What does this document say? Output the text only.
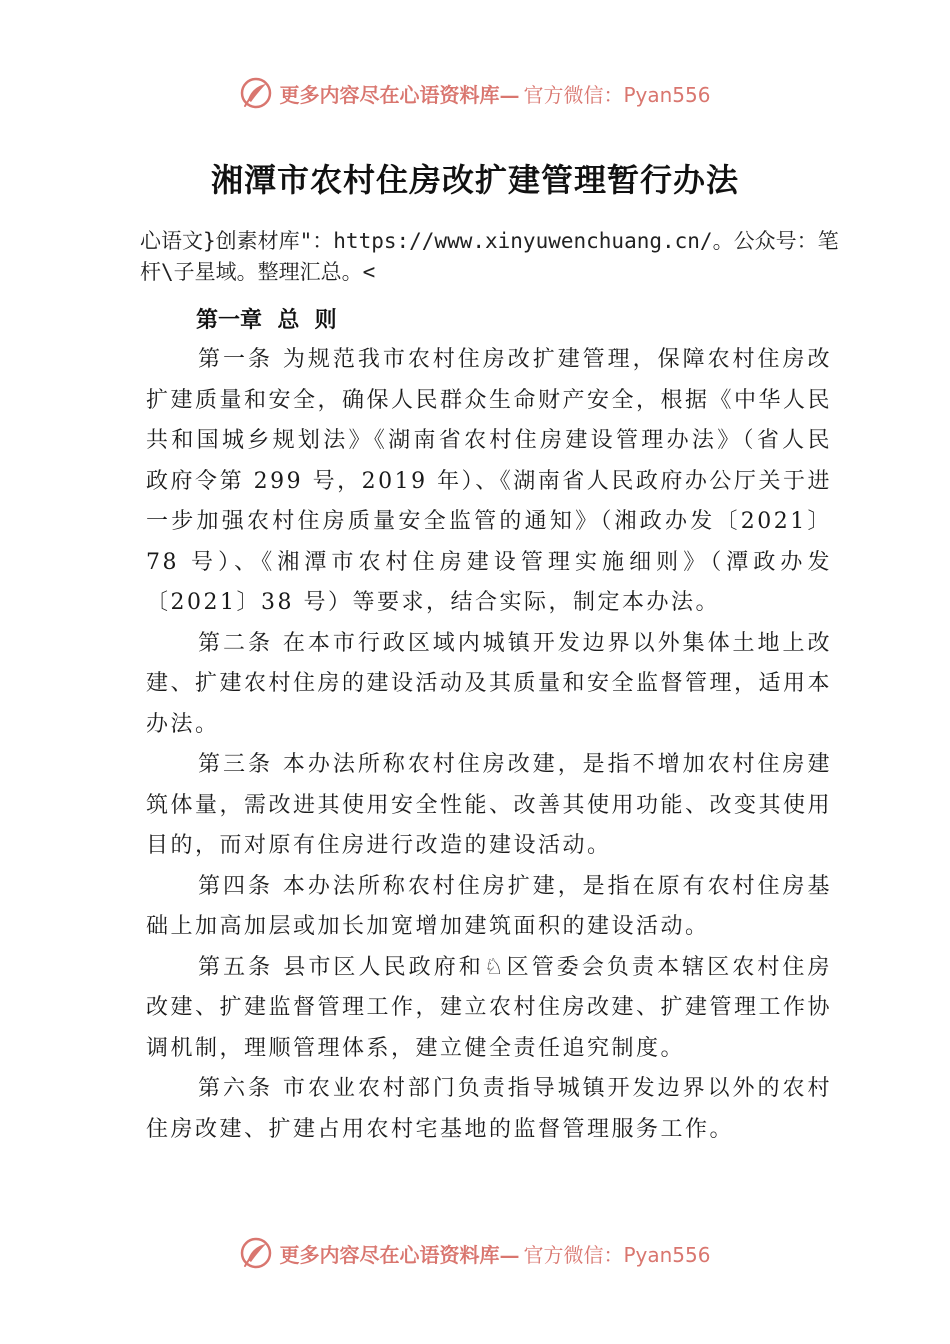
更多内容尽在心语资料库— 官方微信：Pyan556
湘潭市农村住房改扩建管理暂行办法

心语文}创素材库"：https://www.xinyuwenchuang.cn/。公众号：笔杆\子星域。整理汇总。<

第一章  总  则

第一条 为规范我市农村住房改扩建管理，保障农村住房改扩建质量和安全，确保人民群众生命财产安全，根据《中华人民共和国城乡规划法》《湖南省农村住房建设管理办法》（省人民政府令第 299 号，2019 年）、《湖南省人民政府办公厅关于进一步加强农村住房质量安全监管的通知》（湘政办发〔2021〕78 号）、《湘潭市农村住房建设管理实施细则》（潭政办发〔2021〕38 号）等要求，结合实际，制定本办法。

第二条 在本市行政区域内城镇开发边界以外集体土地上改建、扩建农村住房的建设活动及其质量和安全监督管理，适用本办法。

第三条 本办法所称农村住房改建，是指不增加农村住房建筑体量，需改进其使用安全性能、改善其使用功能、改变其使用目的，而对原有住房进行改造的建设活动。

第四条 本办法所称农村住房扩建，是指在原有农村住房基础上加高加层或加长加宽增加建筑面积的建设活动。

第五条 县市区人民政府和♘区管委会负责本辖区农村住房改建、扩建监督管理工作，建立农村住房改建、扩建管理工作协调机制，理顺管理体系，建立健全责任追究制度。

第六条 市农业农村部门负责指导城镇开发边界以外的农村住房改建、扩建占用农村宅基地的监督管理服务工作。

更多内容尽在心语资料库— 官方微信：Pyan556
